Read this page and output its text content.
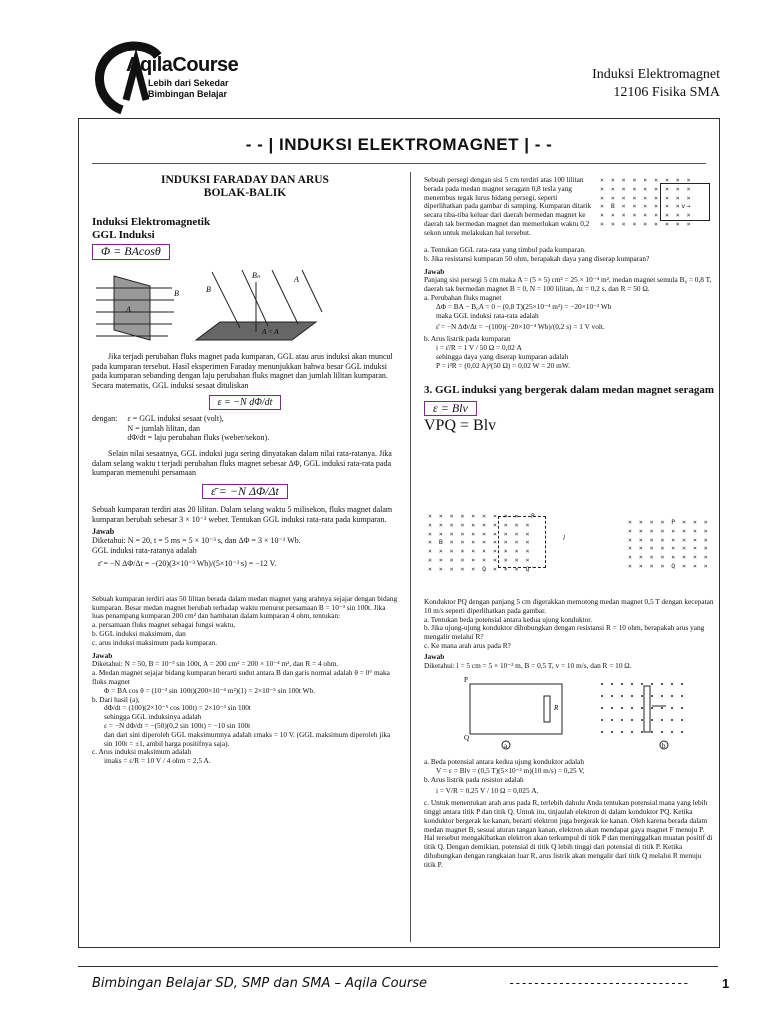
AqilaCourse
Lebih dari Sekedar
Bimbingan Belajar
Induksi Elektromagnet
12106 Fisika SMA
- - | INDUKSI ELEKTROMAGNET | - -
INDUKSI FARADAY DAN ARUS
BOLAK-BALIK
Induksi Elektromagnetik
GGL Induksi
Φ = BAcosθ
A
B	B
Bₙ	A
A = A
Jika terjadi perubahan fluks magnet pada kumparan, GGL atau arus induksi akan muncul pada kumparan tersebut. Hasil eksperimen Faraday menunjukkan bahwa besar GGL induksi pada kumparan sebanding dengan laju perubahan fluks magnet dan jumlah lilitan kumparan. Secara matematis, GGL induksi sesaat dituliskan
ε = −N dΦ/dt
dengan: ε = GGL induksi sesaat (volt),
N = jumlah lilitan, dan
dΦ/dt = laju perubahan fluks (weber/sekon).
Selain nilai sesaatnya, GGL induksi juga sering dinyatakan dalam nilai rata-ratanya. Jika dalam selang waktu t terjadi perubahan fluks magnet sebesar ΔΦ, GGL induksi rata-rata pada kumparan memenuhi persamaan
ε̄ = −N ΔΦ/Δt
Sebuah kumparan terdiri atas 20 lilitan. Dalam selang waktu 5 milisekon, fluks magnet dalam kumparan berubah sebesar 3 × 10⁻³ weber. Tentukan GGL induksi rata-rata pada kumparan.
Jawab
Diketahui: N = 20, t = 5 ms = 5 × 10⁻³ s, dan ΔΦ = 3 × 10⁻³ Wb.
GGL induksi rata-ratanya adalah
ε̄ = −N ΔΦ/Δt = −(20)(3×10⁻³ Wb)/(5×10⁻³ s) = −12 V.
Sebuah kumparan terdiri atas 50 lilitan berada dalam medan magnet yang arahnya sejajar dengan bidang kumparan. Besar medan magnet berubah terhadap waktu menurut persamaan B = 10⁻³ sin 100t. Jika luas penampang kumparan 200 cm² dan hambatan dalam kumparan 4 ohm, tentukan:
a. persamaan fluks magnet sebagai fungsi waktu,
b. GGL induksi maksimum, dan
c. arus induksi maksimum pada kumparan.
Jawab
Diketahui: N = 50, B = 10⁻³ sin 100t, A = 200 cm² = 200 × 10⁻⁴ m², dan R = 4 ohm.
a. Medan magnet sejajar bidang kumparan berarti sudut antara B dan garis normal adalah θ = 0° maka fluks magnet
Φ = BA cos θ = (10⁻³ sin 100t)(200×10⁻⁴ m²)(1) = 2×10⁻⁵ sin 100t Wb.
b. Dari hasil (a),
dΦ/dt = (100)(2×10⁻⁵ cos 100t) = 2×10⁻³ sin 100t
sehingga GGL induksinya adalah
ε = −N dΦ/dt = −(50)(0,2 sin 100t) = −10 sin 100t
dan dari sini diperoleh GGL maksimumnya adalah εmaks = 10 V. (GGL maksimum diperoleh jika sin 100t = ±1, ambil harga positifnya saja).
c. Arus induksi maksimum adalah
imaks = ε/R = 10 V / 4 ohm = 2,5 A.
Sebuah persegi dengan sisi 5 cm terdiri atas 100 lilitan berada pada medan magnet seragam 0,8 tesla yang menembus tegak lurus bidang persegi, seperti diperlihatkan pada gambar di samping. Kumparan ditarik secara tiba-tiba keluar dari daerah bermedan magnet ke daerah tak bermedan magnet dan memerlukan waktu 0,2 sekon untuk melakukan hal tersebut.
× × × × × × × × ×
× × × × × × × × ×
× × × × × × × × ×
× B × × × × × ×v→
× × × × × × × × ×
× × × × × × × × ×
a. Tentukan GGL rata-rata yang timbul pada kumparan.
b. Jika resistansi kumparan 50 ohm, berapakah daya yang diserap kumparan?
Jawab
Panjang sisi persegi 5 cm maka A = (5 × 5) cm² = 25 × 10⁻⁴ m², medan magnet semula B₀ = 0,8 T, daerah tak bermedan magnet B = 0, N = 100 lilitan, Δt = 0,2 s, dan R = 50 Ω.
a. Perubahan fluks magnet
ΔΦ = BA − B₀A = 0 − (0,8 T)(25×10⁻⁴ m²) = −20×10⁻³ Wb
maka GGL induksi rata-rata adalah
ε̄ = −N ΔΦ/Δt = −(100)(−20×10⁻⁴ Wb)/(0,2 s) = 1 V volt.
b. Arus listrik pada kumparan
i = ε̄/R = 1 V / 50 Ω = 0,02 A
sehingga daya yang diserap kumparan adalah
P = i²R = (0,02 A)²(50 Ω) = 0,02 W = 20 mW.
3. GGL induksi yang bergerak dalam medan magnet seragam
ε = Blv
VPQ = Blv
× × × × × × × × ×  P
× × × × × × × × × ×
× × × × × × × × × ×
× B × × × × × × × ×
× × × × × × × × × ×
× × × × × × × × × ×
× × × × × Q × × × Q'
l
× × × × P × × ×
× × × × × × × ×
× × × × × × × ×
× × × × × × × ×
× × × × × × × ×
× × × × Q × × ×
Konduktor PQ dengan panjang 5 cm digerakkan memotong medan magnet 0,5 T dengan kecepatan 10 m/s seperti diperlihatkan pada gambar.
a. Tentukan beda potensial antara kedua ujung konduktor.
b. Jika ujung-ujung konduktor dihubungkan dengan resistansi R = 10 ohm, berapakah arus yang mengalir melalui R?
c. Ke mana arah arus pada R?
Jawab
Diketahui: l = 5 cm = 5 × 10⁻² m, B = 0,5 T, v = 10 m/s, dan R = 10 Ω.
P
Q
R
a	b
a. Beda potensial antara kedua ujung konduktor adalah
V = ε = Blv = (0,5 T)(5×10⁻² m)(10 m/s) = 0,25 V,
b. Arus listrik pada resistor adalah
i = V/R = 0,25 V / 10 Ω = 0,025 A.
c. Untuk menentukan arah arus pada R, terlebih dahulu Anda tentukan potensial mana yang lebih tinggi antara titik P dan titik Q. Untuk itu, tinjaulah elektron di dalam konduktor PQ. Ketika konduktor bergerak ke kanan, berarti elektron juga bergerak ke kanan. Oleh karena berada dalam medan magnet B, sesuai aturan tangan kanan, elektron akan mendapat gaya magnet F menuju P. Hal tersebut mengakibatkan elektron akan terkumpul di titik P dan meninggalkan muatan positif di titik Q. Dengan demikian, potensial di titik Q lebih tinggi dari potensial di titik P. Ketika dihubungkan dengan rangkaian luar R, arus listrik akan mengalir dari titik Q melalui R menuju titik P.
Bimbingan Belajar SD, SMP dan SMA – Aqila Course	-----------------------------	1
